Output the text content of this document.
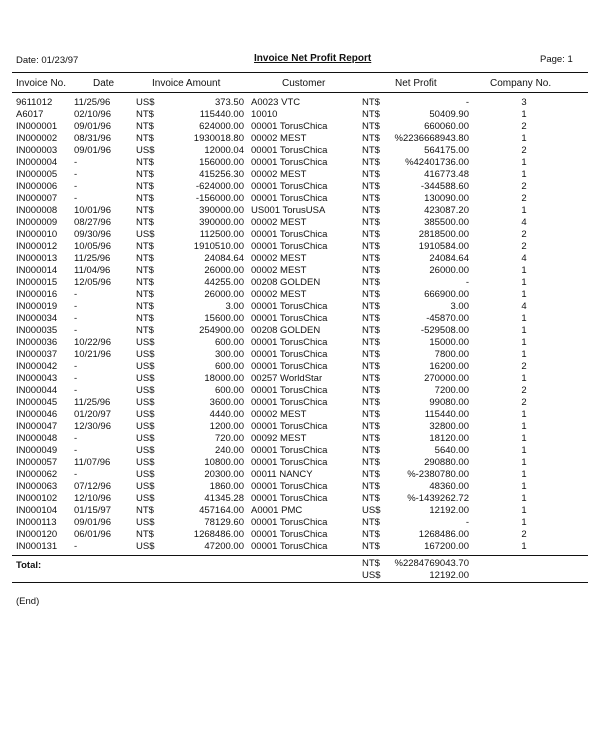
Date: 01/23/97	Invoice Net Profit Report	Page: 1
Invoice No.	Date	Invoice Amount	Customer	Net Profit	Company No.
9611012 11/25/96	US$	373.50 A0023 VTC	NT$	-	3
A6017	02/10/96	NT$	115440.00 10010	NT$	50409.90	1
IN000001 09/01/96	NT$	624000.00 00001 TorusChica	NT$	660060.00	2
IN000002 08/31/96	NT$	1930018.80 00002 MEST	NT$ %2236668943.80	1
IN000003 09/01/96	US$	12000.04 00001 TorusChica	NT$	564175.00	2
IN000004 -	NT$	156000.00 00001 TorusChica	NT$	%42401736.00	1
IN000005 -	NT$	415256.30 00002 MEST	NT$	416773.48	1
IN000006 -	NT$	-624000.00 00001 TorusChica	NT$	-344588.60	2
IN000007 -	NT$	-156000.00 00001 TorusChica	NT$	130090.00	2
IN000008 10/01/96	NT$	390000.00 US001 TorusUSA	NT$	423087.20	1
IN000009 08/27/96	NT$	390000.00 00002 MEST	NT$	385500.00	4
IN000010 09/30/96	US$	112500.00 00001 TorusChica	NT$	2818500.00	2
IN000012 10/05/96	NT$	1910510.00 00001 TorusChica	NT$	1910584.00	2
IN000013 11/25/96	NT$	24084.64 00002 MEST	NT$	24084.64	4
IN000014 11/04/96	NT$	26000.00 00002 MEST	NT$	26000.00	1
IN000015 12/05/96	NT$	44255.00 00208 GOLDEN	NT$	-	1
IN000016 -	NT$	26000.00 00002 MEST	NT$	666900.00	1
IN000019 -	NT$	3.00 00001 TorusChica	NT$	3.00	4
IN000034 -	NT$	15600.00 00001 TorusChica	NT$	-45870.00	1
IN000035 -	NT$	254900.00 00208 GOLDEN	NT$	-529508.00	1
IN000036 10/22/96	US$	600.00 00001 TorusChica	NT$	15000.00	1
IN000037 10/21/96	US$	300.00 00001 TorusChica	NT$	7800.00	1
IN000042 -	US$	600.00 00001 TorusChica	NT$	16200.00	2
IN000043 -	US$	18000.00 00257 WorldStar	NT$	270000.00	1
IN000044 -	US$	600.00 00001 TorusChica	NT$	7200.00	2
IN000045 11/25/96	US$	3600.00 00001 TorusChica	NT$	99080.00	2
IN000046 01/20/97	US$	4440.00 00002 MEST	NT$	115440.00	1
IN000047 12/30/96	US$	1200.00 00001 TorusChica	NT$	32800.00	1
IN000048 -	US$	720.00 00092 MEST	NT$	18120.00	1
IN000049 -	US$	240.00 00001 TorusChica	NT$	5640.00	1
IN000057 11/07/96	US$	10800.00 00001 TorusChica	NT$	290880.00	1
IN000062 -	US$	20300.00 00011 NANCY	NT$	%-2380780.00	1
IN000063 07/12/96	US$	1860.00 00001 TorusChica	NT$	48360.00	1
IN000102 12/10/96	US$	41345.28 00001 TorusChica	NT$	%-1439262.72	1
IN000104 01/15/97	NT$	457164.00 A0001 PMC	US$	12192.00	1
IN000113 09/01/96	US$	78129.60 00001 TorusChica	NT$	-	1
IN000120 06/01/96	NT$	1268486.00 00001 TorusChica	NT$	1268486.00	2
IN000131 -	US$	47200.00 00001 TorusChica	NT$	167200.00	1
Total:	NT$ %2284769043.70
US$	12192.00
(End)
